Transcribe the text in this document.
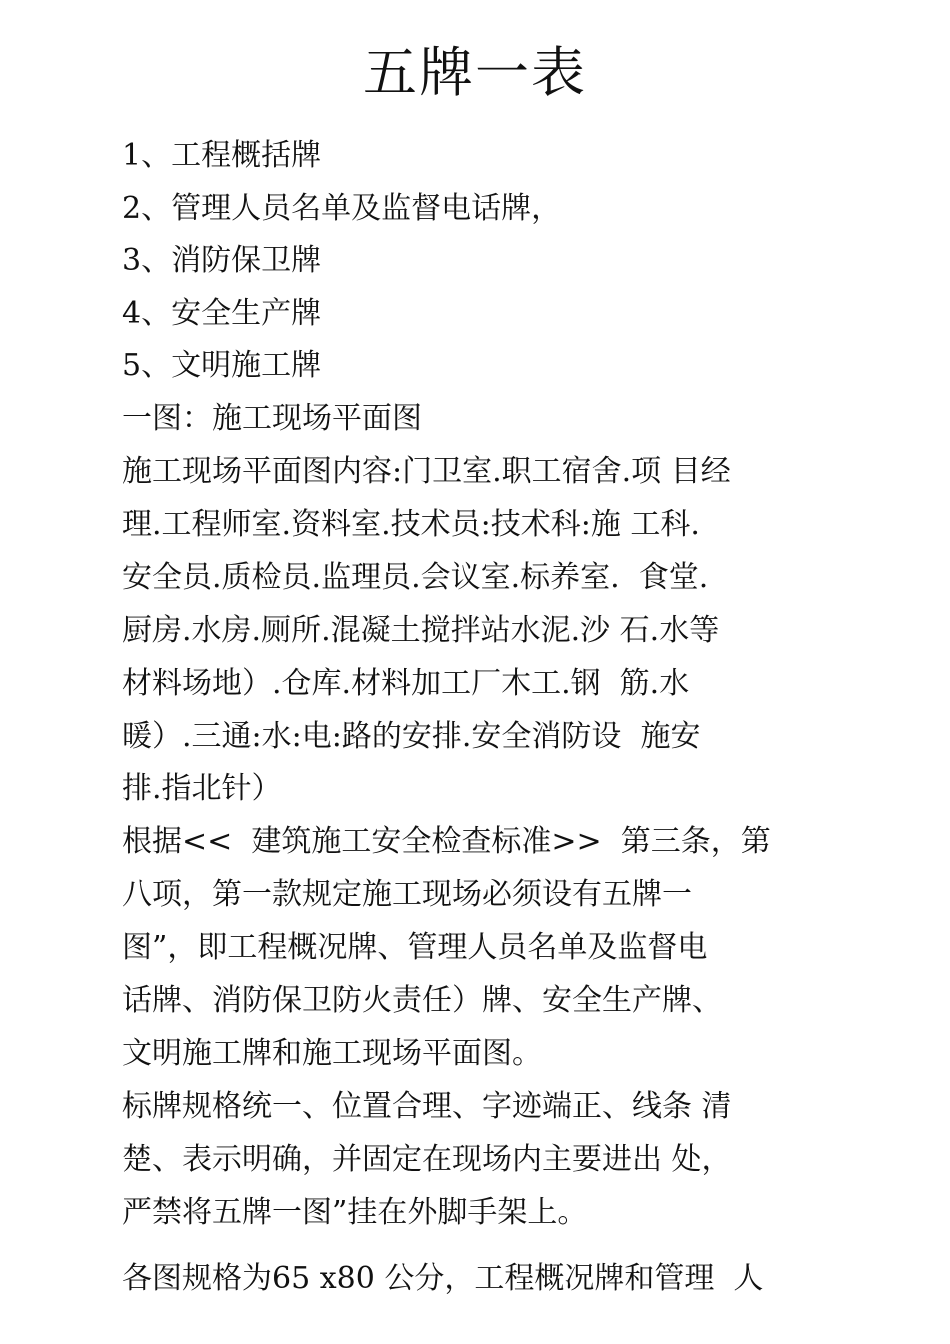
五牌一表
1、工程概括牌
2、管理人员名单及监督电话牌，
3、消防保卫牌
4、安全生产牌
5、文明施工牌
一图：施工现场平面图
施工现场平面图内容:门卫室.职工宿舍.项 目经
理.工程师室.资料室.技术员:技术科:施 工科.
安全员.质检员.监理员.会议室.标养室.  食堂.
厨房.水房.厕所.混凝土搅拌站水泥.沙 石.水等
材料场地）.仓库.材料加工厂木工.钢  筋.水
暖）.三通:水:电:路的安排.安全消防设  施安
排.指北针）
根据<<  建筑施工安全检查标准>>  第三条，第
八项，第一款规定施工现场必须设有五牌一
图”，即工程概况牌、管理人员名单及监督电
话牌、消防保卫防火责任）牌、安全生产牌、
文明施工牌和施工现场平面图。
标牌规格统一、位置合理、字迹端正、线条 清
楚、表示明确，并固定在现场内主要进出 处，
严禁将五牌一图”挂在外脚手架上。
各图规格为65 x80 公分，工程概况牌和管理  人
